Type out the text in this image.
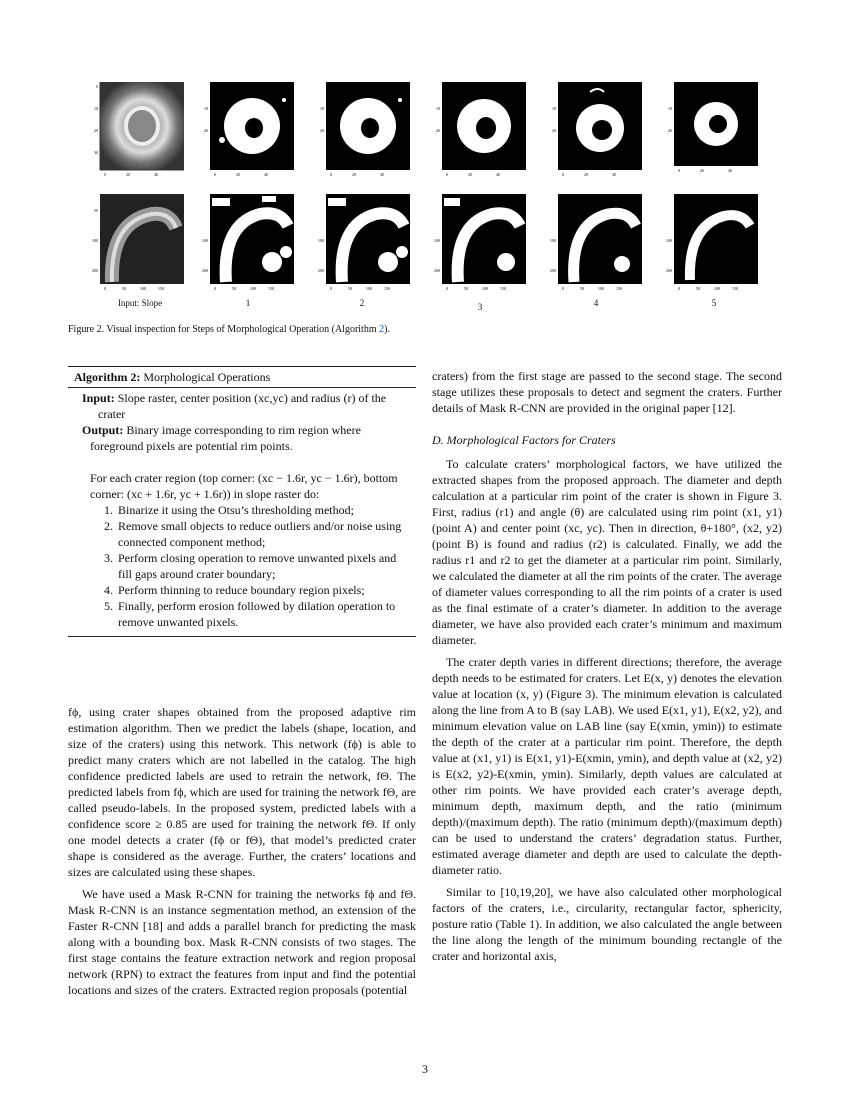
0
10
20
30
0	20	40
10
20
0	20	40
10
20
0	20	40
10
20
0	20	40
10
20
0	20	40
10
20
0	20	40
50
100
200
0	50	100	150
100
200
0	50	100	150
100
200
0	50	100	150
100
200
0	50	100	150
100
200
0	50	100	150
100
200
0	50	100	150
Input: Slope	1	2	3	4	5
Figure 2. Visual inspection for Steps of Morphological Operation (Algorithm 2).
Algorithm 2: Morphological Operations

Input: Slope raster, center position (xc,yc) and radius (r) of the crater

Output: Binary image corresponding to rim region where foreground pixels are potential rim points.

For each crater region (top corner: (xc − 1.6r, yc − 1.6r), bottom corner: (xc + 1.6r, yc + 1.6r)) in slope raster do:

1. Binarize it using the Otsu’s thresholding method;
2. Remove small objects to reduce outliers and/or noise using connected component method;
3. Perform closing operation to remove unwanted pixels and fill gaps around crater boundary;
4. Perform thinning to reduce boundary region pixels;
5. Finally, perform erosion followed by dilation operation to remove unwanted pixels.

fϕ, using crater shapes obtained from the proposed adaptive rim estimation algorithm. Then we predict the labels (shape, location, and size of the craters) using this network. This network (fϕ) is able to predict many craters which are not labelled in the catalog. The high confidence predicted labels are used to retrain the network, fΘ. The predicted labels from fϕ, which are used for training the network fΘ, are called pseudo-labels. In the proposed system, predicted labels with a confidence score ≥ 0.85 are used for training the network fΘ. If only one model detects a crater (fϕ or fΘ), that model’s predicted crater shape is considered as the average. Further, the craters’ locations and sizes are calculated using these shapes.

We have used a Mask R-CNN for training the networks fϕ and fΘ. Mask R-CNN is an instance segmentation method, an extension of the Faster R-CNN [18] and adds a parallel branch for predicting the mask along with a bounding box. Mask R-CNN consists of two stages. The first stage contains the feature extraction network and region proposal network (RPN) to extract the features from input and find the potential locations and sizes of the craters. Extracted region proposals (potential

craters) from the first stage are passed to the second stage. The second stage utilizes these proposals to detect and segment the craters. Further details of Mask R-CNN are provided in the original paper [12].

D. Morphological Factors for Craters

To calculate craters’ morphological factors, we have utilized the extracted shapes from the proposed approach. The diameter and depth calculation at a particular rim point of the crater is shown in Figure 3. First, radius (r1) and angle (θ) are calculated using rim point (x1, y1) (point A) and center point (xc, yc). Then in direction, θ+180°, (x2, y2) (point B) is found and radius (r2) is calculated. Finally, we add the radius r1 and r2 to get the diameter at a particular rim point. Similarly, we calculated the diameter at all the rim points of the crater. The average of diameter values corresponding to all the rim points of a crater is used as the final estimate of a crater’s diameter. In addition to the average diameter, we have also provided each crater’s minimum and maximum diameter.

The crater depth varies in different directions; therefore, the average depth needs to be estimated for craters. Let E(x, y) denotes the elevation value at location (x, y) (Figure 3). The minimum elevation is calculated along the line from A to B (say LAB). We used E(x1, y1), E(x2, y2), and minimum elevation value on LAB line (say E(xmin, ymin)) to estimate the depth of the crater at a particular rim point. Therefore, the depth value at (x1, y1) is E(x1, y1)-E(xmin, ymin), and depth value at (x2, y2) is E(x2, y2)-E(xmin, ymin). Similarly, depth values are calculated at other rim points. We have provided each crater’s average depth, minimum depth, maximum depth, and the ratio (minimum depth)/(maximum depth). The ratio (minimum depth)/(maximum depth) can be used to understand the craters’ degradation status. Further, estimated average diameter and depth are used to calculate the depth-diameter ratio.

Similar to [10,19,20], we have also calculated other morphological factors of the craters, i.e., circularity, rectangular factor, sphericity, posture ratio (Table 1). In addition, we also calculated the angle between the line along the length of the minimum bounding rectangle of the crater and horizontal axis,

3
